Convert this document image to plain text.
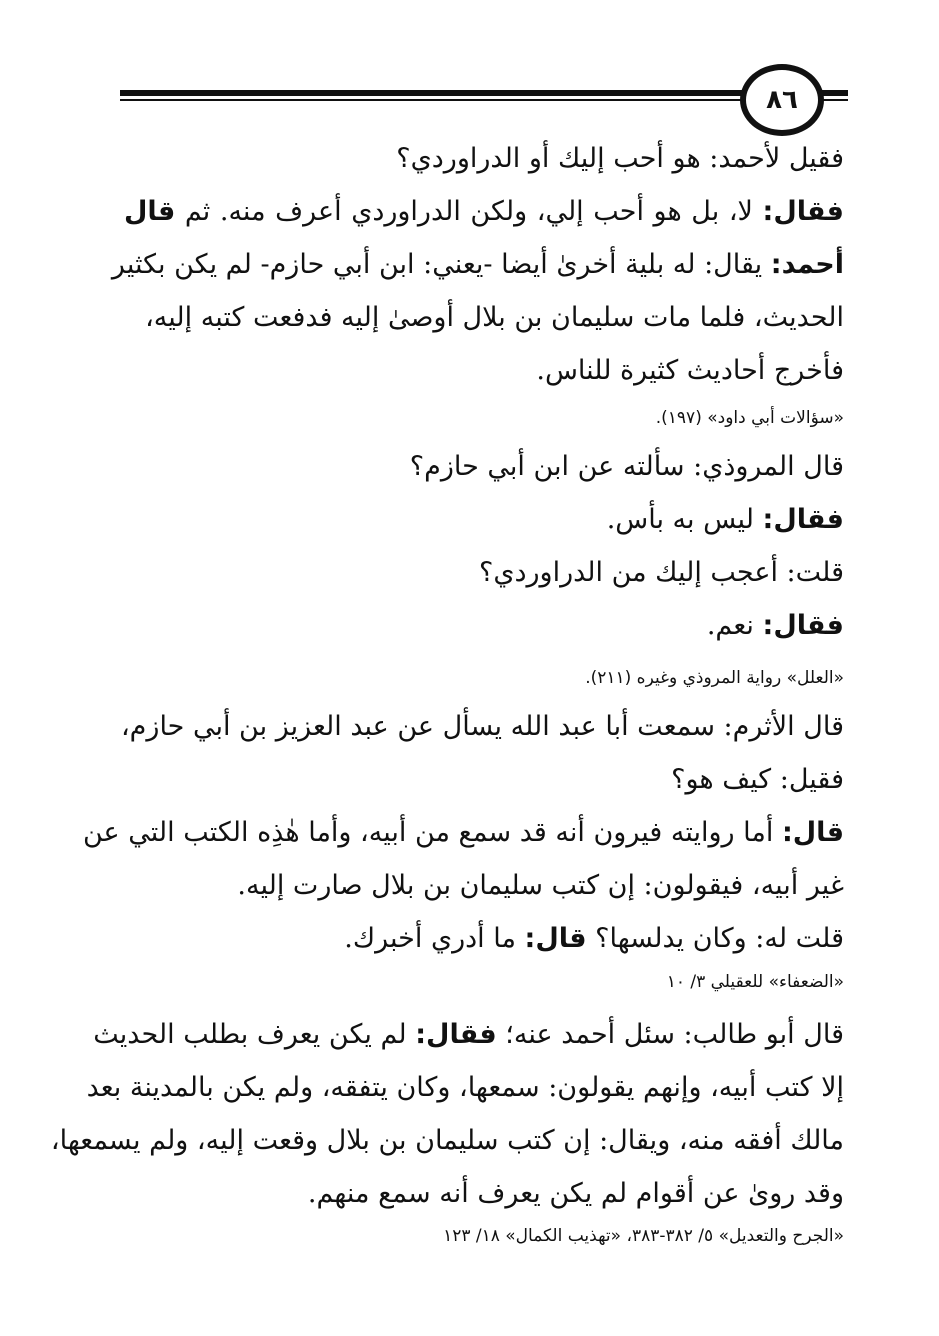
٨٦
فقيل لأحمد: هو أحب إليك أو الدراوردي؟
فقال: لا، بل هو أحب إلي، ولكن الدراوردي أعرف منه. ثم قال
أحمد: يقال: له بلية أخرىٰ أيضا -يعني: ابن أبي حازم- لم يكن بكثير
الحديث، فلما مات سليمان بن بلال أوصىٰ إليه فدفعت كتبه إليه،
فأخرج أحاديث كثيرة للناس.
«سؤالات أبي داود» (١٩٧).
قال المروذي: سألته عن ابن أبي حازم؟
فقال: ليس به بأس.
قلت: أعجب إليك من الدراوردي؟
فقال: نعم.
«العلل» رواية المروذي وغيره (٢١١).
قال الأثرم: سمعت أبا عبد الله يسأل عن عبد العزيز بن أبي حازم،
فقيل: كيف هو؟
قال: أما روايته فيرون أنه قد سمع من أبيه، وأما هٰذِه الكتب التي عن
غير أبيه، فيقولون: إن كتب سليمان بن بلال صارت إليه.
قلت له: وكان يدلسها؟ قال: ما أدري أخبرك.
«الضعفاء» للعقيلي ٣/ ١٠
قال أبو طالب: سئل أحمد عنه؛ فقال: لم يكن يعرف بطلب الحديث
إلا كتب أبيه، وإنهم يقولون: سمعها، وكان يتفقه، ولم يكن بالمدينة بعد
مالك أفقه منه، ويقال: إن كتب سليمان بن بلال وقعت إليه، ولم يسمعها،
وقد روىٰ عن أقوام لم يكن يعرف أنه سمع منهم.
«الجرح والتعديل» ٥/ ٣٨٢-٣٨٣، «تهذيب الكمال» ١٨/ ١٢٣
